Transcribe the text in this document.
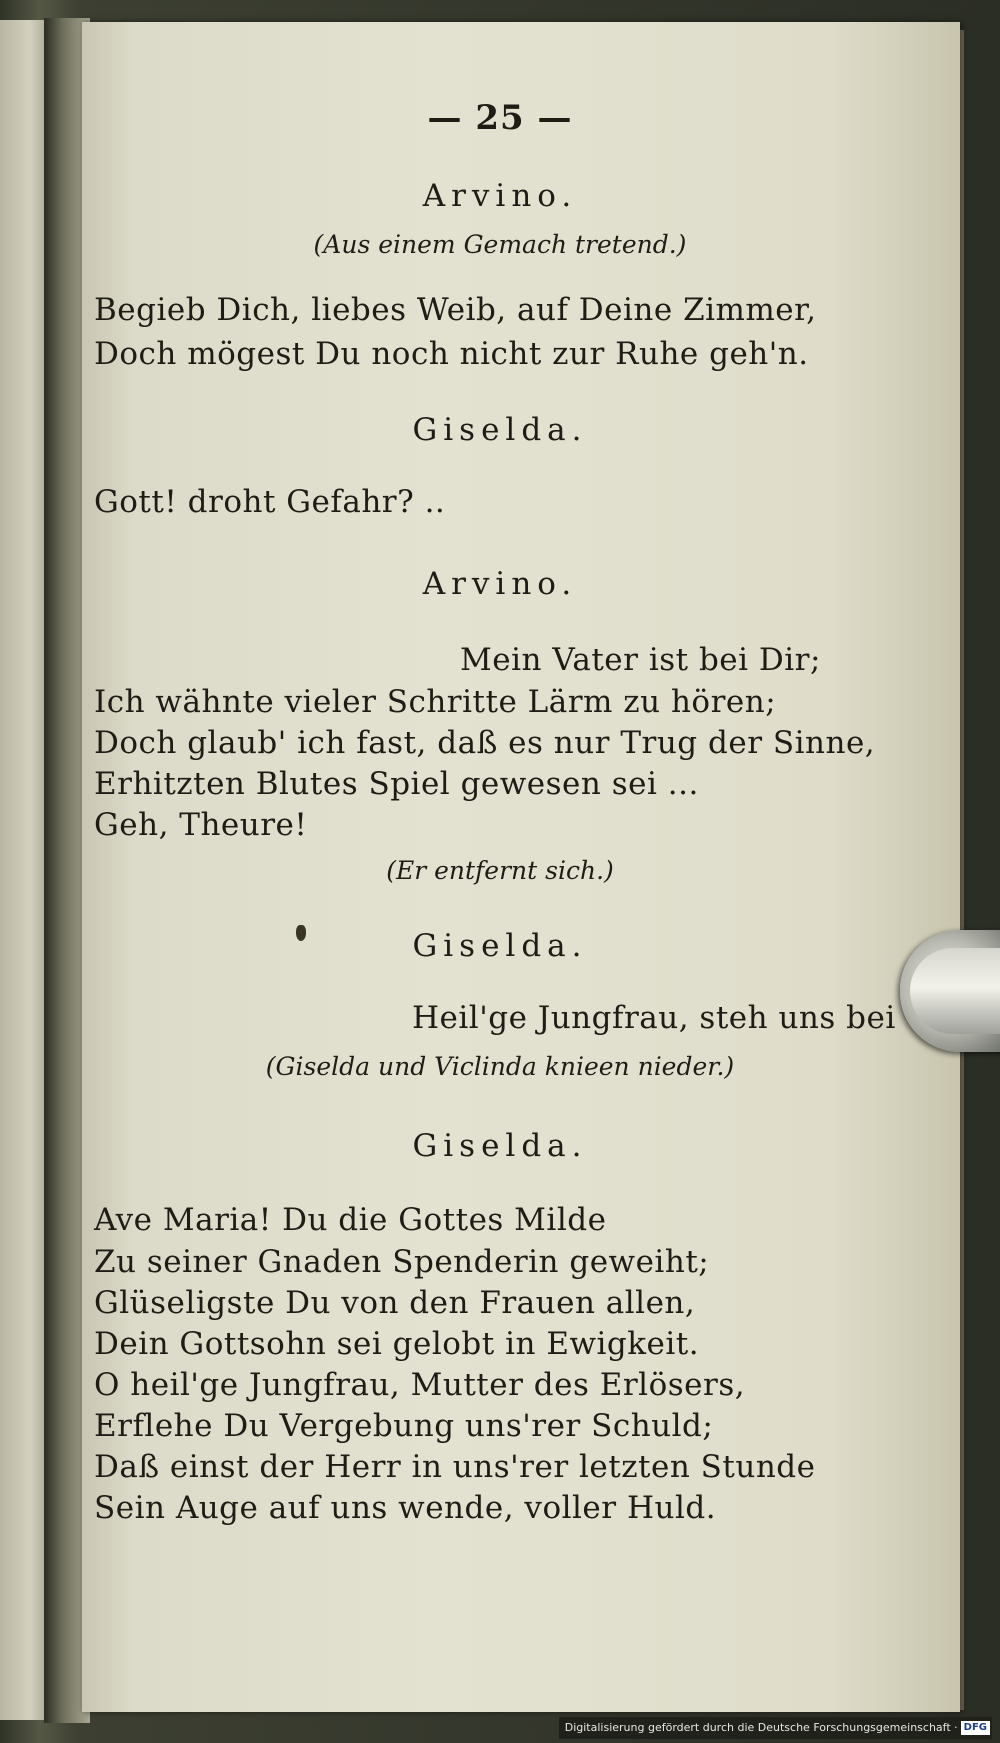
— 25 —
Arvino.
(Aus einem Gemach tretend.)
Begieb Dich, liebes Weib, auf Deine Zimmer,
Doch mögest Du noch nicht zur Ruhe geh'n.
Giselda.
Gott! droht Gefahr? ..
Arvino.
Mein Vater ist bei Dir;
Ich wähnte vieler Schritte Lärm zu hören;
Doch glaub' ich fast, daß es nur Trug der Sinne,
Erhitzten Blutes Spiel gewesen sei ...
Geh, Theure!
(Er entfernt sich.)
Giselda.
Heil'ge Jungfrau, steh uns bei
(Giselda und Viclinda knieen nieder.)
Giselda.
Ave Maria! Du die Gottes Milde
Zu seiner Gnaden Spenderin geweiht;
Glüseligste Du von den Frauen allen,
Dein Gottsohn sei gelobt in Ewigkeit.
O heil'ge Jungfrau, Mutter des Erlösers,
Erflehe Du Vergebung uns'rer Schuld;
Daß einst der Herr in uns'rer letzten Stunde
Sein Auge auf uns wende, voller Huld.
Digitalisierung gefördert durch die Deutsche Forschungsgemeinschaft · DFG
